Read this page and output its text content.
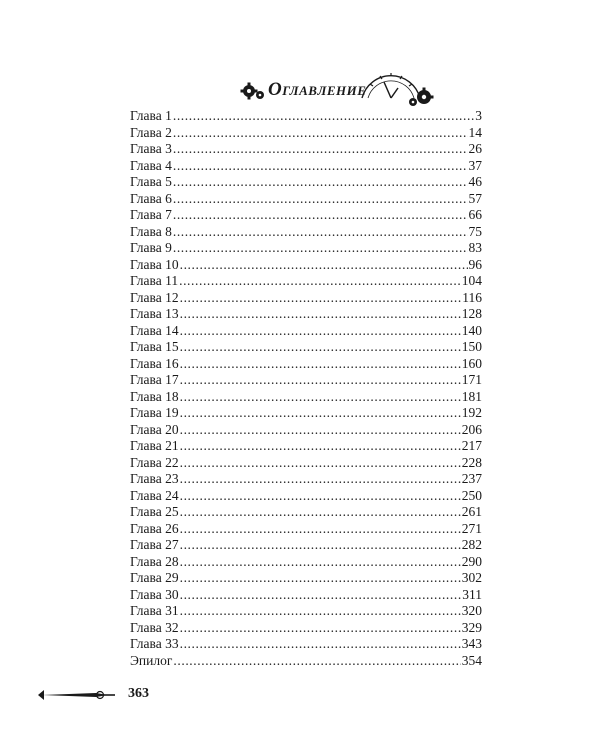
Оглавление
Глава 1 .....	3
Глава 2 .....	14
Глава 3 .....	26
Глава 4 .....	37
Глава 5 .....	46
Глава 6 .....	57
Глава 7 .....	66
Глава 8 .....	75
Глава 9 .....	83
Глава 10 .....	96
Глава 11 .....	104
Глава 12 .....	116
Глава 13 .....	128
Глава 14 .....	140
Глава 15 .....	150
Глава 16 .....	160
Глава 17 .....	171
Глава 18 .....	181
Глава 19 .....	192
Глава 20 .....	206
Глава 21 .....	217
Глава 22 .....	228
Глава 23 .....	237
Глава 24 .....	250
Глава 25 .....	261
Глава 26 .....	271
Глава 27 .....	282
Глава 28 .....	290
Глава 29 .....	302
Глава 30 .....	311
Глава 31 .....	320
Глава 32 .....	329
Глава 33 .....	343
Эпилог .....	354
363
